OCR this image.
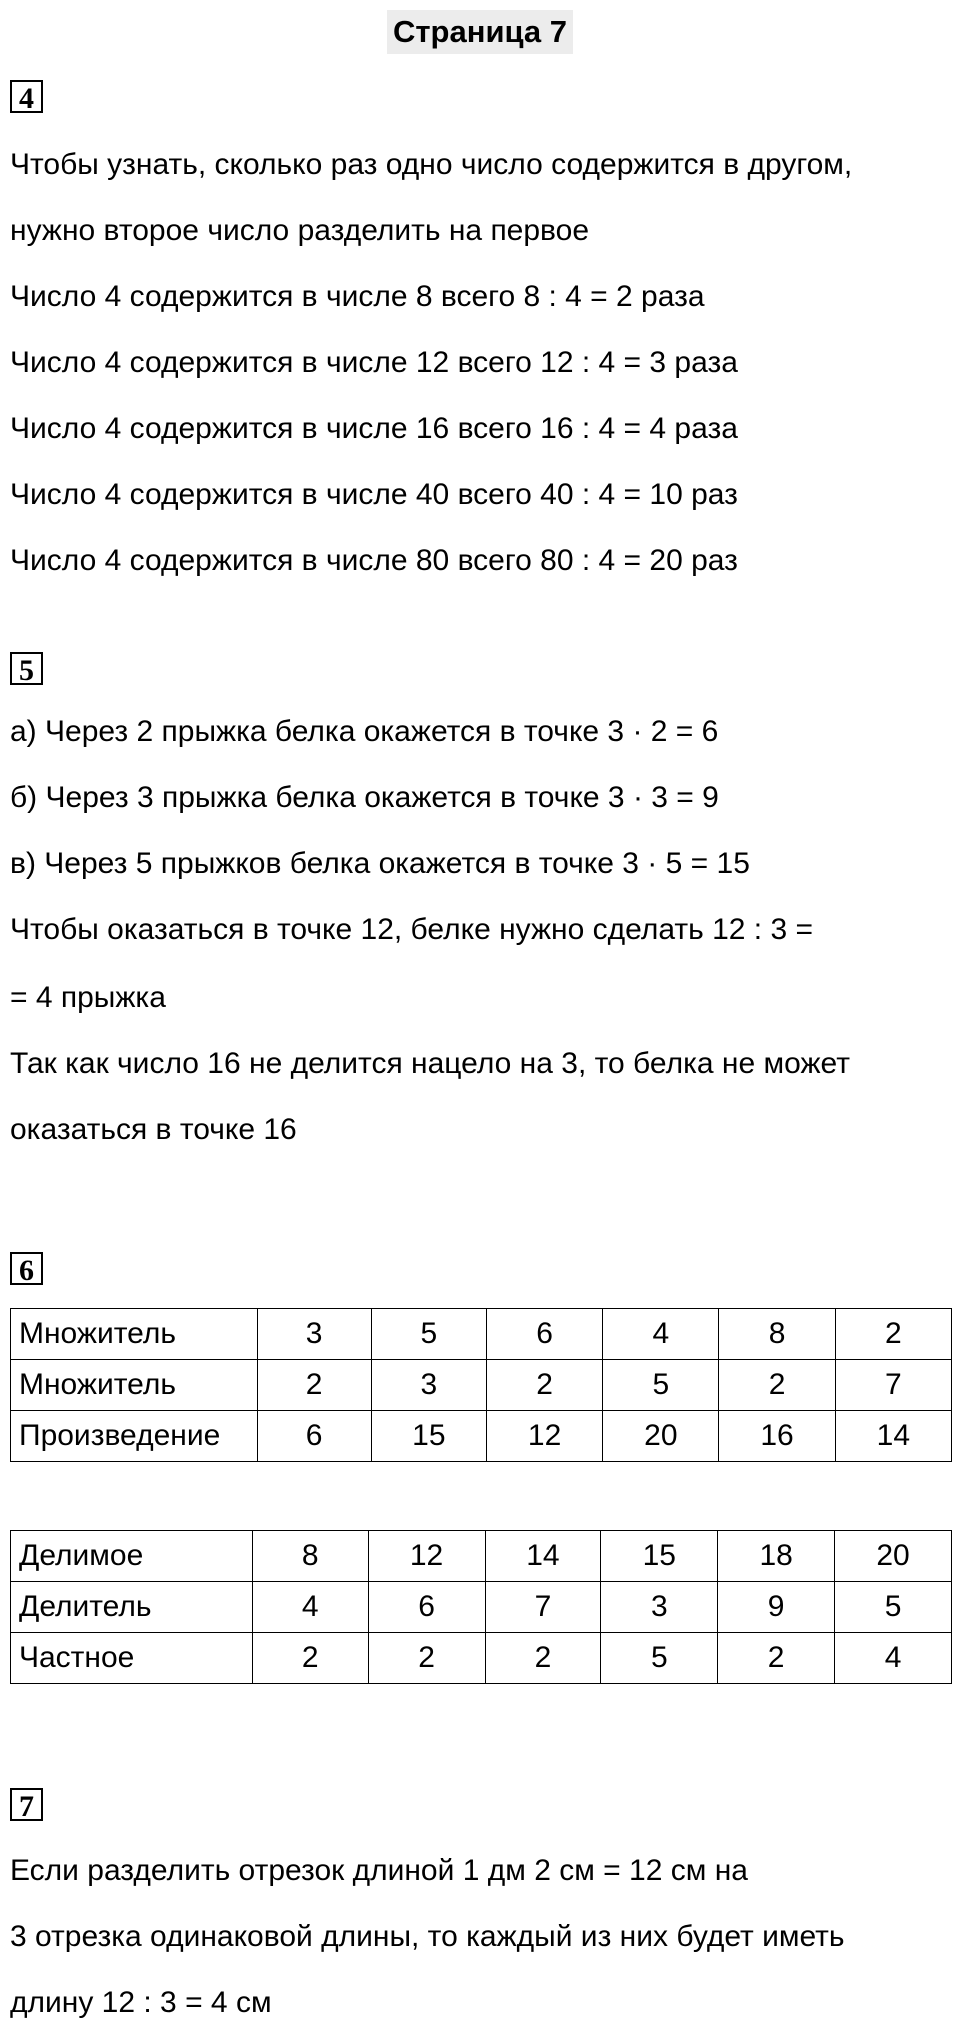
Страница 7
4
Чтобы узнать, сколько раз одно число содержится в другом,
нужно второе число разделить на первое
Число 4 содержится в числе 8 всего 8 : 4 = 2 раза
Число 4 содержится в числе 12 всего 12 : 4 = 3 раза
Число 4 содержится в числе 16 всего 16 : 4 = 4 раза
Число 4 содержится в числе 40 всего 40 : 4 = 10 раз
Число 4 содержится в числе 80 всего 80 : 4 = 20 раз
5
а) Через 2 прыжка белка окажется в точке 3 · 2 = 6
б) Через 3 прыжка белка окажется в точке 3 · 3 = 9
в) Через 5 прыжков белка окажется в точке 3 · 5 = 15
Чтобы оказаться в точке 12, белке нужно сделать 12 : 3 =
= 4 прыжка
Так как число 16 не делится нацело на 3, то белка не может
оказаться в точке 16
6
Множитель	3	5	6	4	8	2
Множитель	2	3	2	5	2	7
Произведение	6	15	12	20	16	14
Делимое	8	12	14	15	18	20
Делитель	4	6	7	3	9	5
Частное	2	2	2	5	2	4
7
Если разделить отрезок длиной 1 дм 2 см = 12 см на
3 отрезка одинаковой длины, то каждый из них будет иметь
длину 12 : 3 = 4 см
